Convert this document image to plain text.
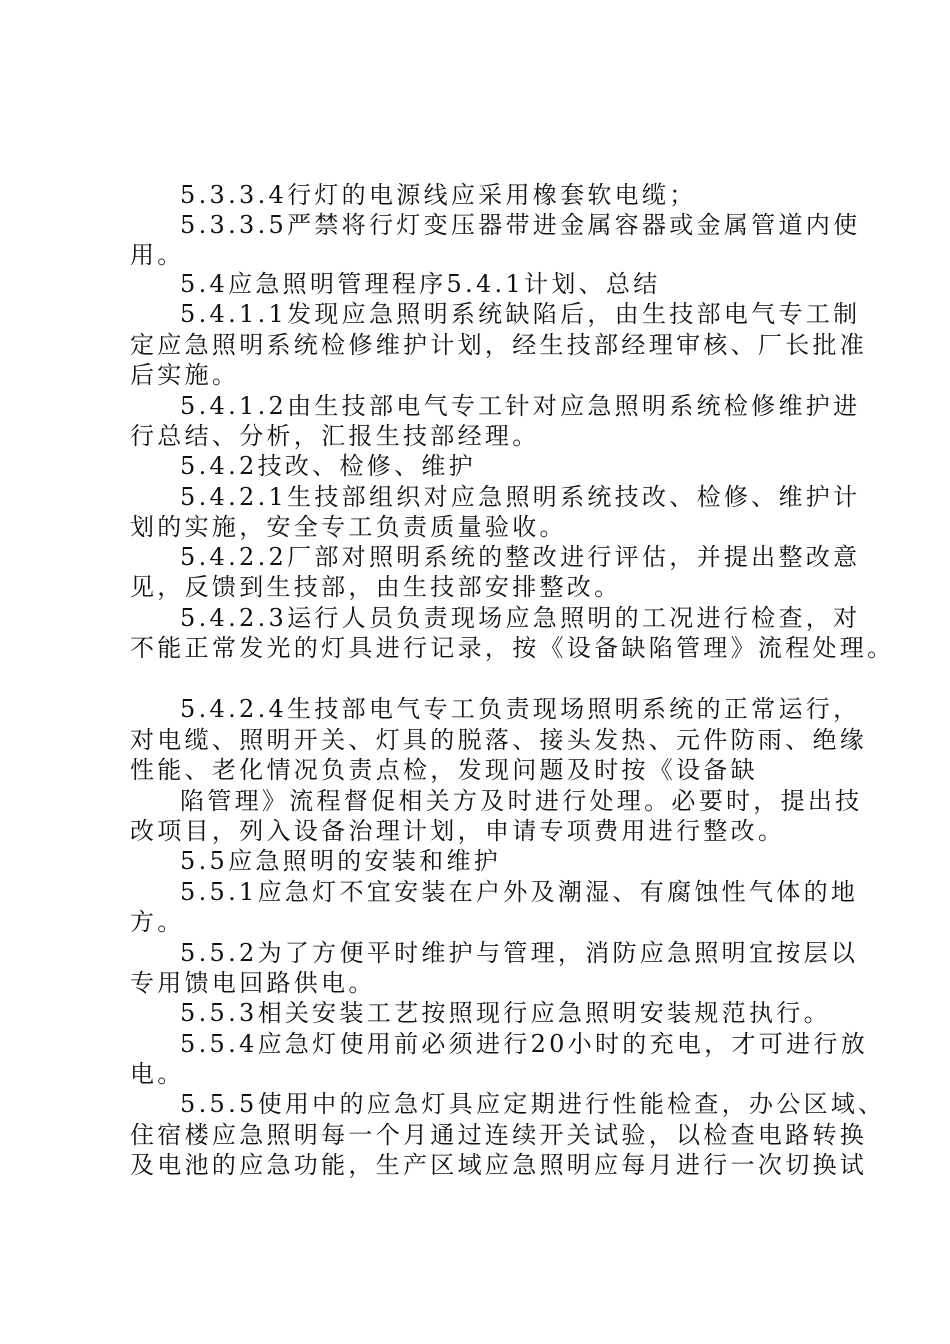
5.3.3.4行灯的电源线应采用橡套软电缆；
5.3.3.5严禁将行灯变压器带进金属容器或金属管道内使
用。
5.4应急照明管理程序5.4.1计划、总结
5.4.1.1发现应急照明系统缺陷后，由生技部电气专工制
定应急照明系统检修维护计划，经生技部经理审核、厂长批准
后实施。
5.4.1.2由生技部电气专工针对应急照明系统检修维护进
行总结、分析，汇报生技部经理。
5.4.2技改、检修、维护
5.4.2.1生技部组织对应急照明系统技改、检修、维护计
划的实施，安全专工负责质量验收。
5.4.2.2厂部对照明系统的整改进行评估，并提出整改意
见，反馈到生技部，由生技部安排整改。
5.4.2.3运行人员负责现场应急照明的工况进行检查，对
不能正常发光的灯具进行记录，按《设备缺陷管理》流程处理。
5.4.2.4生技部电气专工负责现场照明系统的正常运行，
对电缆、照明开关、灯具的脱落、接头发热、元件防雨、绝缘
性能、老化情况负责点检，发现问题及时按《设备缺
陷管理》流程督促相关方及时进行处理。必要时，提出技
改项目，列入设备治理计划，申请专项费用进行整改。
5.5应急照明的安装和维护
5.5.1应急灯不宜安装在户外及潮湿、有腐蚀性气体的地
方。
5.5.2为了方便平时维护与管理，消防应急照明宜按层以
专用馈电回路供电。
5.5.3相关安装工艺按照现行应急照明安装规范执行。
5.5.4应急灯使用前必须进行20小时的充电，才可进行放
电。
5.5.5使用中的应急灯具应定期进行性能检查，办公区域、
住宿楼应急照明每一个月通过连续开关试验，以检查电路转换
及电池的应急功能，生产区域应急照明应每月进行一次切换试
